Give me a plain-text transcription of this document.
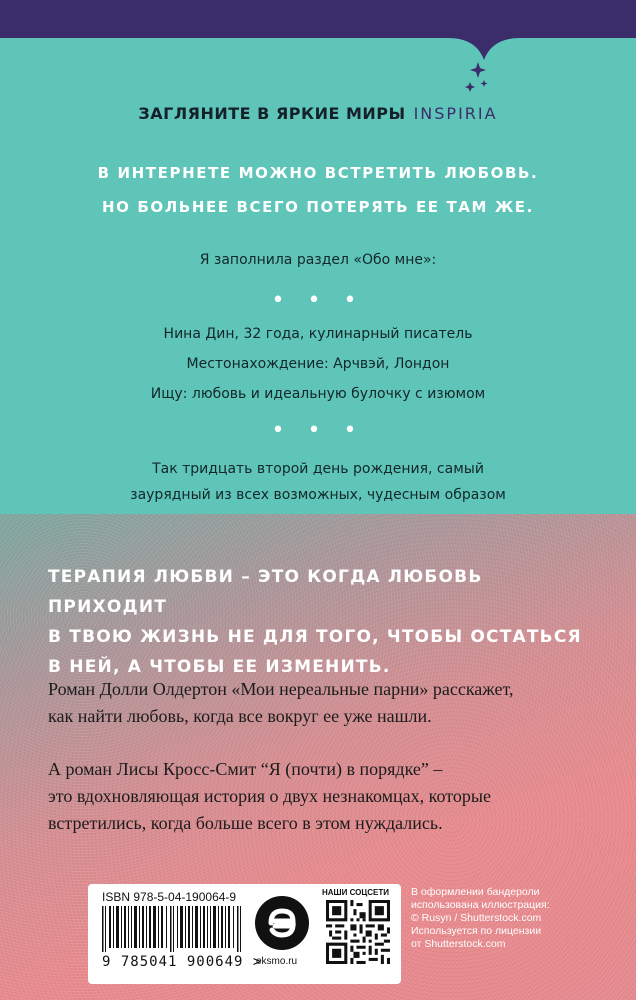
ЗАГЛЯНИТЕ В ЯРКИЕ МИРЫ INSPIRIA
В ИНТЕРНЕТЕ МОЖНО ВСТРЕТИТЬ ЛЮБОВЬ.
НО БОЛЬНЕЕ ВСЕГО ПОТЕРЯТЬ ЕЕ ТАМ ЖЕ.
Я заполнила раздел «Обо мне»:
• • •
Нина Дин, 32 года, кулинарный писатель
Местонахождение: Арчвэй, Лондон
Ищу: любовь и идеальную булочку с изюмом
• • •
Так тридцать второй день рождения, самый
заурядный из всех возможных, чудесным образом
ТЕРАПИЯ ЛЮБВИ – ЭТО КОГДА ЛЮБОВЬ ПРИХОДИТ
В ТВОЮ ЖИЗНЬ НЕ ДЛЯ ТОГО, ЧТОБЫ ОСТАТЬСЯ
В НЕЙ, А ЧТОБЫ ЕЕ ИЗМЕНИТЬ.
Роман Долли Олдертон «Мои нереальные парни» расскажет,
как найти любовь, когда все вокруг ее уже нашли.
А роман Лисы Кросс-Смит “Я (почти) в порядке” –
это вдохновляющая история о двух незнакомцах, которые
встретились, когда больше всего в этом нуждались.
ISBN 978-5-04-190064-9
9 785041 900649 >
eksmo.ru
НАШИ СОЦСЕТИ В оформлении бандероли
использована иллюстрация:
© Rusyn / Shutterstock.com
Используется по лицензии
от Shutterstock.com
